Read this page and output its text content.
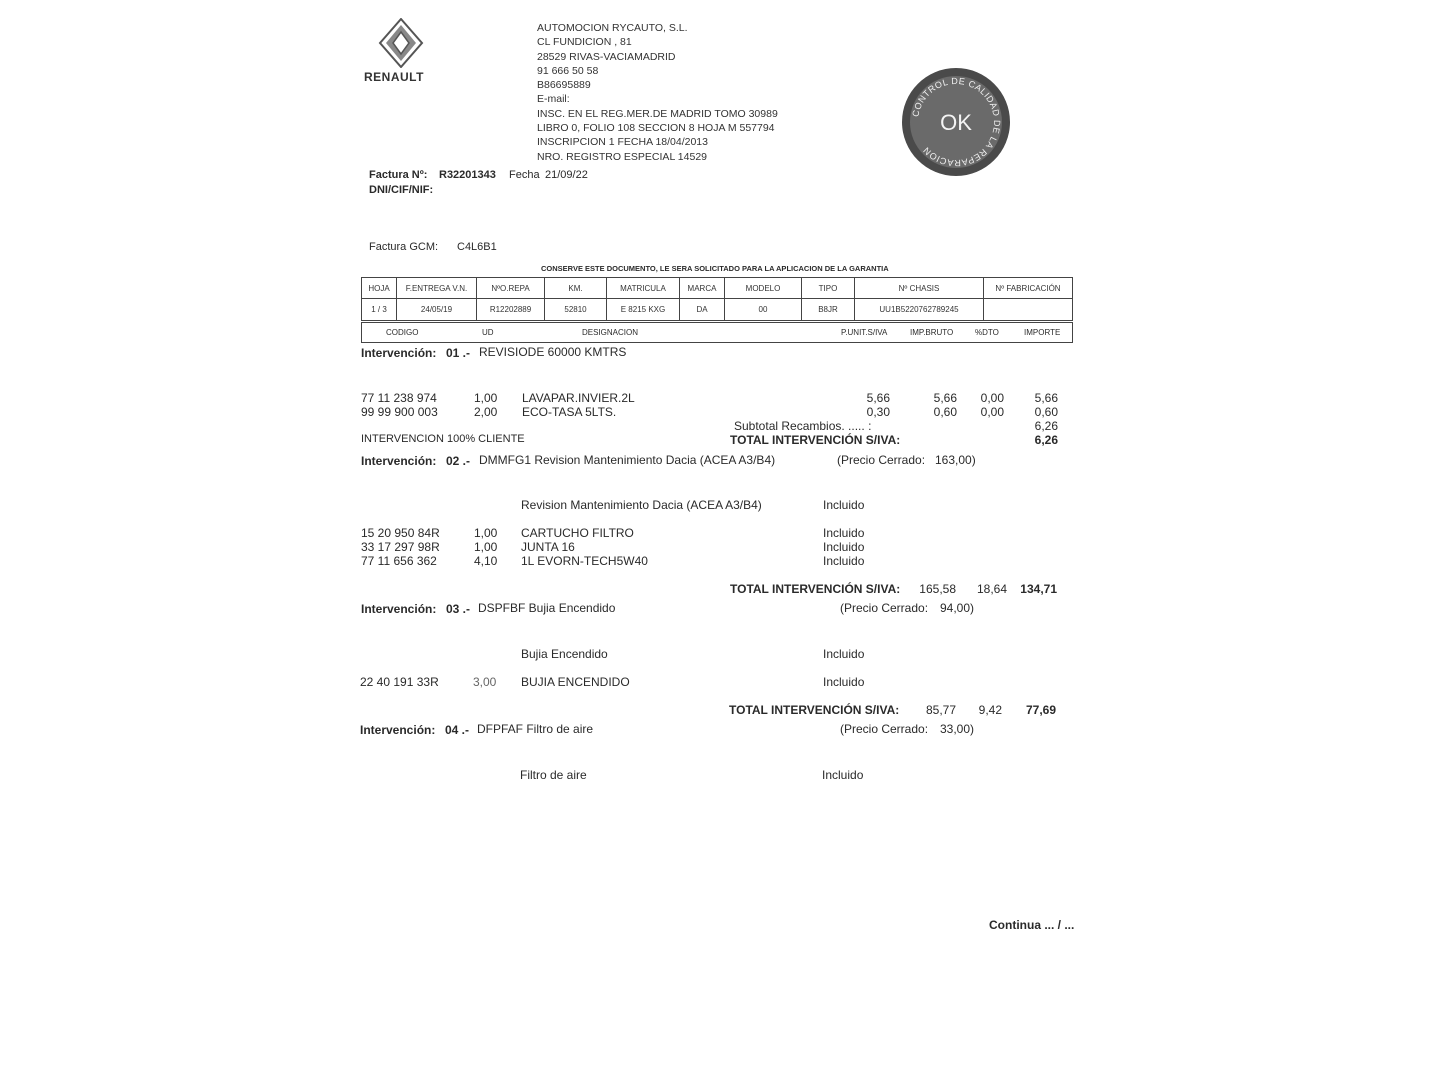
RENAULT
AUTOMOCION RYCAUTO, S.L.
CL FUNDICION , 81
28529 RIVAS-VACIAMADRID
91 666 50 58
B86695889
E-mail:
INSC. EN EL REG.MER.DE MADRID TOMO 30989
LIBRO 0, FOLIO 108 SECCION 8 HOJA M 557794
INSCRIPCION 1 FECHA 18/04/2013
NRO. REGISTRO ESPECIAL 14529
CONTROL DE CALIDAD DE LA REPARACION
OK
Factura Nº: R32201343 Fecha 21/09/22
DNI/CIF/NIF:
Factura GCM: C4L6B1
CONSERVE ESTE DOCUMENTO, LE SERA SOLICITADO PARA LA APLICACION DE LA GARANTIA
HOJA	F.ENTREGA V.N.	NºO.REPA	KM.	MATRICULA	MARCA	MODELO	TIPO	Nº CHASIS	Nº FABRICACIÓN
1 / 3	24/05/19	R12202889	52810	E 8215 KXG	DA	00	B8JR	UU1B5220762789245
CODIGO	UD	DESIGNACION	P.UNIT.S/IVA	IMP.BRUTO	%DTO	IMPORTE
Intervención: 01 .- REVISIODE 60000 KMTRS
77 11 238 974	1,00 LAVAPAR.INVIER.2L	5,66	5,66	0,00	5,66
99 99 900 003	2,00 ECO-TASA 5LTS.	0,30	0,60	0,00	0,60
Subtotal Recambios. ..... :	6,26
INTERVENCION 100% CLIENTE	TOTAL INTERVENCIÓN S/IVA:	6,26
Intervención: 02 .- DMMFG1 Revision Mantenimiento Dacia (ACEA A3/B4)	(Precio Cerrado: 163,00)
Revision Mantenimiento Dacia (ACEA A3/B4)	Incluido
15 20 950 84R	1,00 CARTUCHO FILTRO	Incluido
33 17 297 98R	1,00 JUNTA 16	Incluido
77 11 656 362	4,10 1L EVORN-TECH5W40	Incluido
TOTAL INTERVENCIÓN S/IVA:	165,58	18,64	134,71
Intervención: 03 .- DSPFBF Bujia Encendido	(Precio Cerrado: 94,00)
Bujia Encendido	Incluido
22 40 191 33R	3,00 BUJIA ENCENDIDO	Incluido
TOTAL INTERVENCIÓN S/IVA:	85,77	9,42	77,69
Intervención: 04 .- DFPFAF Filtro de aire	(Precio Cerrado: 33,00)
Filtro de aire	Incluido
Continua ... / ...
